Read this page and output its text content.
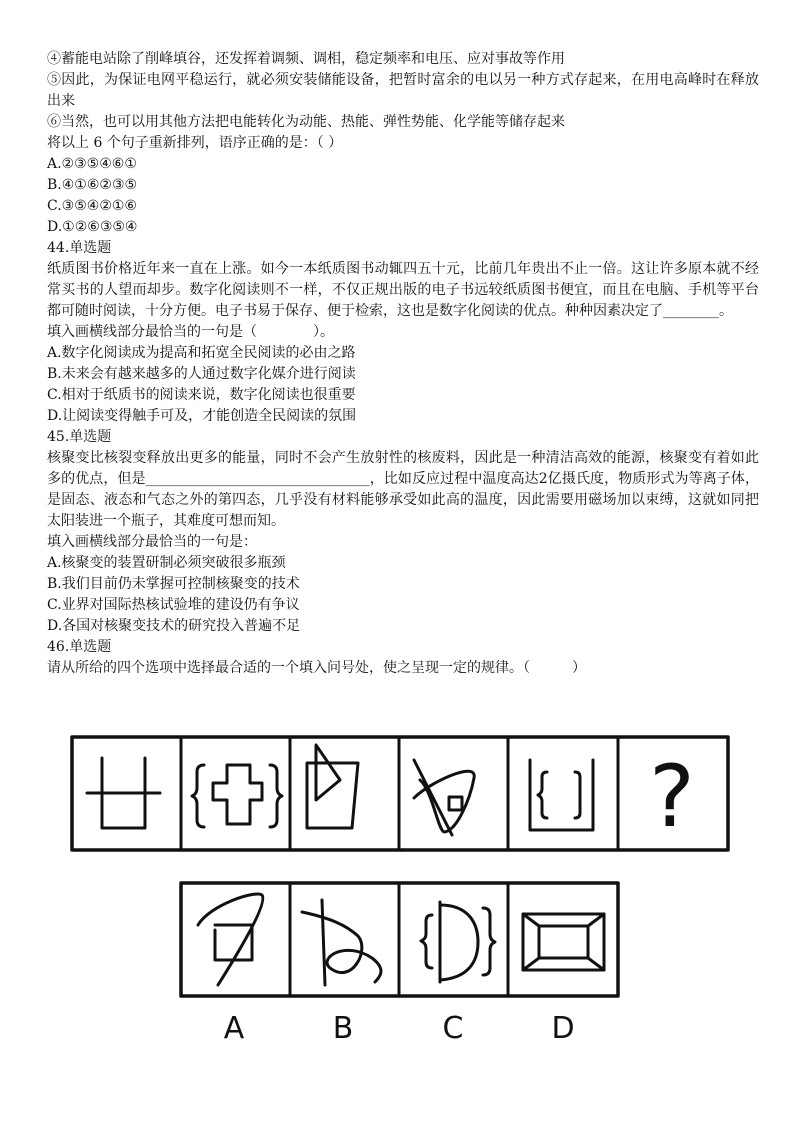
④蓄能电站除了削峰填谷，还发挥着调频、调相，稳定频率和电压、应对事故等作用
⑤因此，为保证电网平稳运行，就必须安装储能设备，把暂时富余的电以另一种方式存起来，在用电高峰时在释放出来
⑥当然，也可以用其他方法把电能转化为动能、热能、弹性势能、化学能等储存起来
将以上 6 个句子重新排列，语序正确的是：（ ）
A.②③⑤④⑥①
B.④①⑥②③⑤
C.③⑤④②①⑥
D.①②⑥③⑤④
44.单选题
纸质图书价格近年来一直在上涨。如今一本纸质图书动辄四五十元，比前几年贵出不止一倍。这让许多原本就不经常买书的人望而却步。数字化阅读则不一样，不仅正规出版的电子书远较纸质图书便宜，而且在电脑、手机等平台都可随时阅读，十分方便。电子书易于保存、便于检索，这也是数字化阅读的优点。种种因素决定了________。
填入画横线部分最恰当的一句是（　　　　）。
A.数字化阅读成为提高和拓宽全民阅读的必由之路
B.未来会有越来越多的人通过数字化媒介进行阅读
C.相对于纸质书的阅读来说，数字化阅读也很重要
D.让阅读变得触手可及，才能创造全民阅读的氛围
45.单选题
核聚变比核裂变释放出更多的能量，同时不会产生放射性的核废料，因此是一种清洁高效的能源，核聚变有着如此多的优点，但是________________________________，比如反应过程中温度高达2亿摄氏度，物质形式为等离子体，是固态、液态和气态之外的第四态，几乎没有材料能够承受如此高的温度，因此需要用磁场加以束缚，这就如同把太阳装进一个瓶子，其难度可想而知。
填入画横线部分最恰当的一句是：
A.核聚变的装置研制必须突破很多瓶颈
B.我们目前仍未掌握可控制核聚变的技术
C.业界对国际热核试验堆的建设仍有争议
D.各国对核聚变技术的研究投入普遍不足
46.单选题
请从所给的四个选项中选择最合适的一个填入问号处，使之呈现一定的规律。（　　　）
?
A	B	C	D
